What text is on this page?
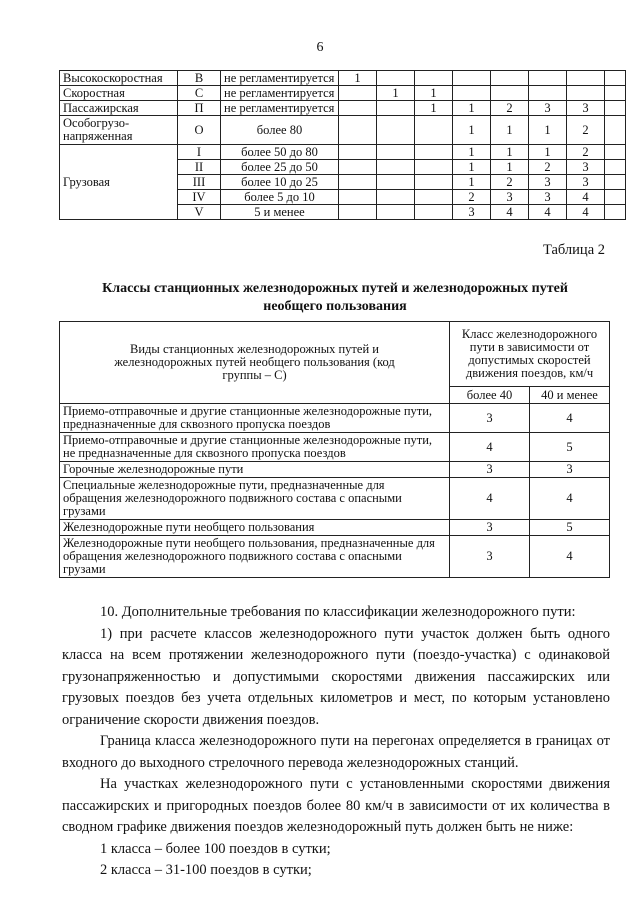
6
Высокоскоростная	В	не регламентируется	1							
Скоростная	С	не регламентируется		1	1					
Пассажирская	П	не регламентируется			1	1	2	3	3	
Особогрузо-напряженная	О	более 80				1	1	1	2	
Грузовая	I	более 50 до 80				1	1	1	2	
	II	более 25 до 50				1	1	2	3	
	III	более 10 до 25				1	2	3	3	
	IV	более 5 до 10				2	3	3	4	
	V	5 и менее				3	4	4	4	
Таблица 2
Классы станционных железнодорожных путей и железнодорожных путей
необщего пользования
Виды станционных железнодорожных путей и железнодорожных путей необщего пользования (код группы – С)	Класс железнодорожного пути в зависимости от допустимых скоростей движения поездов, км/ч	
	более 40	40 и менее
Приемо-отправочные и другие станционные железнодорожные пути, предназначенные для сквозного пропуска поездов	3	4
Приемо-отправочные и другие станционные железнодорожные пути, не предназначенные для сквозного пропуска поездов	4	5
Горочные железнодорожные пути	3	3
Специальные железнодорожные пути, предназначенные для обращения железнодорожного подвижного состава с опасными грузами	4	4
Железнодорожные пути необщего пользования	3	5
Железнодорожные пути необщего пользования, предназначенные для обращения железнодорожного подвижного состава с опасными грузами	3	4

10. Дополнительные требования по классификации железнодорожного пути:

1) при расчете классов железнодорожного пути участок должен быть одного класса на всем протяжении железнодорожного пути (поездо-участка) с одинаковой грузонапряженностью и допустимыми скоростями движения пассажирских или грузовых поездов без учета отдельных километров и мест, по которым установлено ограничение скорости движения поездов.

Граница класса железнодорожного пути на перегонах определяется в границах от входного до выходного стрелочного перевода железнодорожных станций.

На участках железнодорожного пути с установленными скоростями движения пассажирских и пригородных поездов более 80 км/ч в зависимости от их количества в сводном графике движения поездов железнодорожный путь должен быть не ниже:

1 класса – более 100 поездов в сутки;

2 класса – 31-100 поездов в сутки;
